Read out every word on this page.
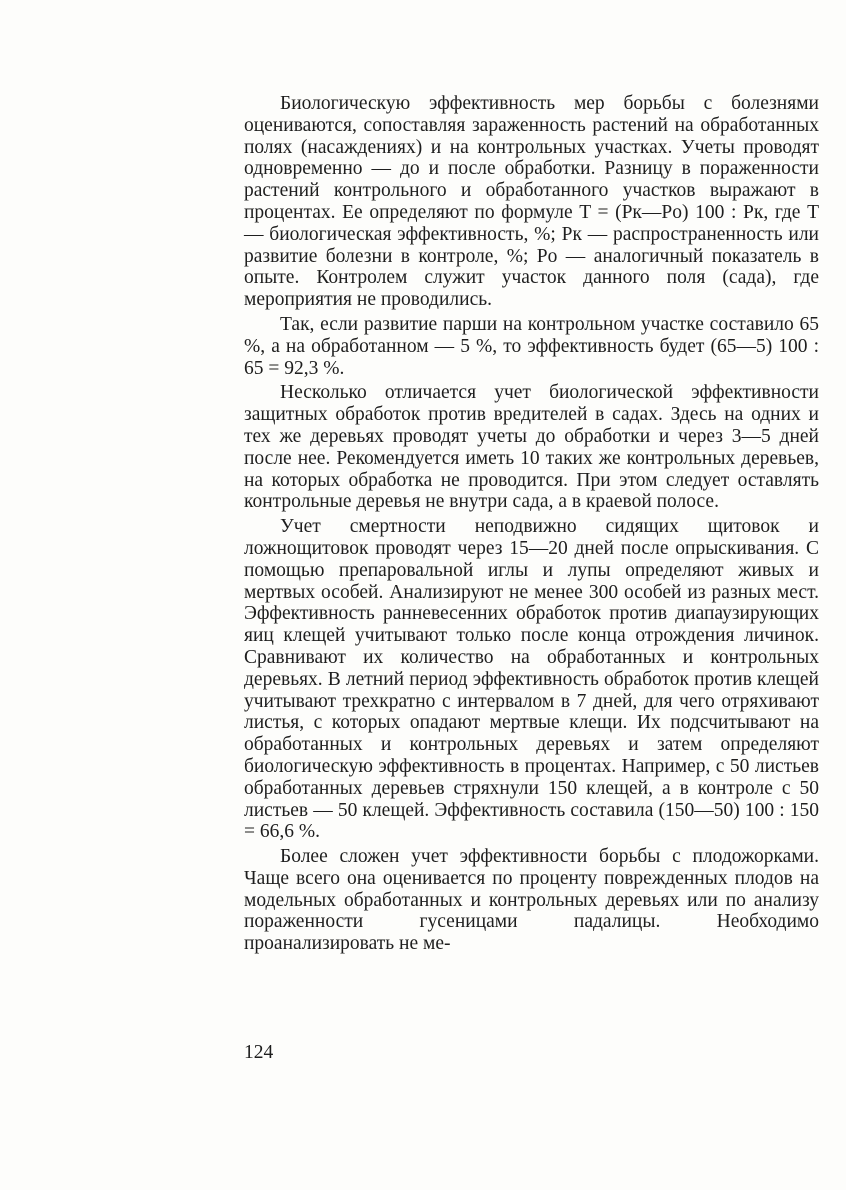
Биологическую эффективность мер борьбы с болезнями оцениваются, сопоставляя зараженность растений на обработанных полях (насаждениях) и на контрольных участках. Учеты проводят одновременно — до и после обработки. Разницу в пораженности растений контрольного и обработанного участков выражают в процентах. Ее определяют по формуле T = (Pк—Pо) 100 : Pк, где T — биологическая эффективность, %; Pк — распространенность или развитие болезни в контроле, %; Pо — аналогичный показатель в опыте. Контролем служит участок данного поля (сада), где мероприятия не проводились.

Так, если развитие парши на контрольном участке составило 65 %, а на обработанном — 5 %, то эффективность будет (65—5) 100 : 65 = 92,3 %.

Несколько отличается учет биологической эффективности защитных обработок против вредителей в садах. Здесь на одних и тех же деревьях проводят учеты до обработки и через 3—5 дней после нее. Рекомендуется иметь 10 таких же контрольных деревьев, на которых обработка не проводится. При этом следует оставлять контрольные деревья не внутри сада, а в краевой полосе.

Учет смертности неподвижно сидящих щитовок и ложнощитовок проводят через 15—20 дней после опрыскивания. С помощью препаровальной иглы и лупы определяют живых и мертвых особей. Анализируют не менее 300 особей из разных мест. Эффективность ранневесенних обработок против диапаузирующих яиц клещей учитывают только после конца отрождения личинок. Сравнивают их количество на обработанных и контрольных деревьях. В летний период эффективность обработок против клещей учитывают трехкратно с интервалом в 7 дней, для чего отряхивают листья, с которых опадают мертвые клещи. Их подсчитывают на обработанных и контрольных деревьях и затем определяют биологическую эффективность в процентах. Например, с 50 листьев обработанных деревьев стряхнули 150 клещей, а в контроле с 50 листьев — 50 клещей. Эффективность составила (150—50) 100 : 150 = 66,6 %.

Более сложен учет эффективности борьбы с плодожорками. Чаще всего она оценивается по проценту поврежденных плодов на модельных обработанных и контрольных деревьях или по анализу пораженности гусеницами падалицы. Необходимо проанализировать не ме-

124
